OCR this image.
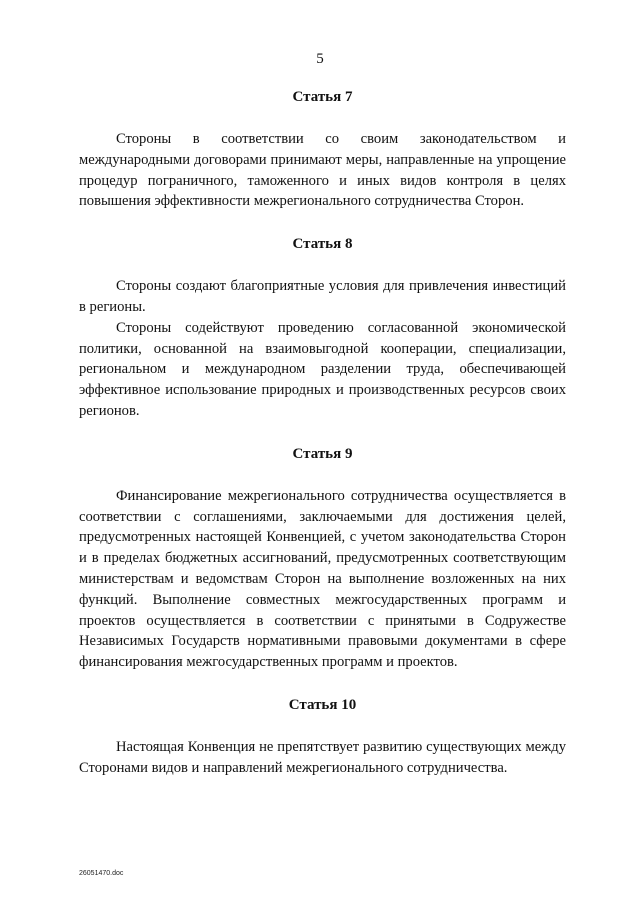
5
Статья 7

Стороны в соответствии со своим законодательством и международными договорами принимают меры, направленные на упрощение процедур пограничного, таможенного и иных видов контроля в целях повышения эффективности межрегионального сотрудничества Сторон.

Статья 8

Стороны создают благоприятные условия для привлечения инвестиций в регионы.

Стороны содействуют проведению согласованной экономической политики, основанной на взаимовыгодной кооперации, специализации, региональном и международном разделении труда, обеспечивающей эффективное использование природных и производственных ресурсов своих регионов.

Статья 9

Финансирование межрегионального сотрудничества осуществляется в соответствии с соглашениями, заключаемыми для достижения целей, предусмотренных настоящей Конвенцией, с учетом законодательства Сторон и в пределах бюджетных ассигнований, предусмотренных соответствующим министерствам и ведомствам Сторон на выполнение возложенных на них функций. Выполнение совместных межгосударственных программ и проектов осуществляется в соответствии с принятыми в Содружестве Независимых Государств нормативными правовыми документами в сфере финансирования межгосударственных программ и проектов.

Статья 10

Настоящая Конвенция не препятствует развитию существующих между Сторонами видов и направлений межрегионального сотрудничества.

26051470.doc
